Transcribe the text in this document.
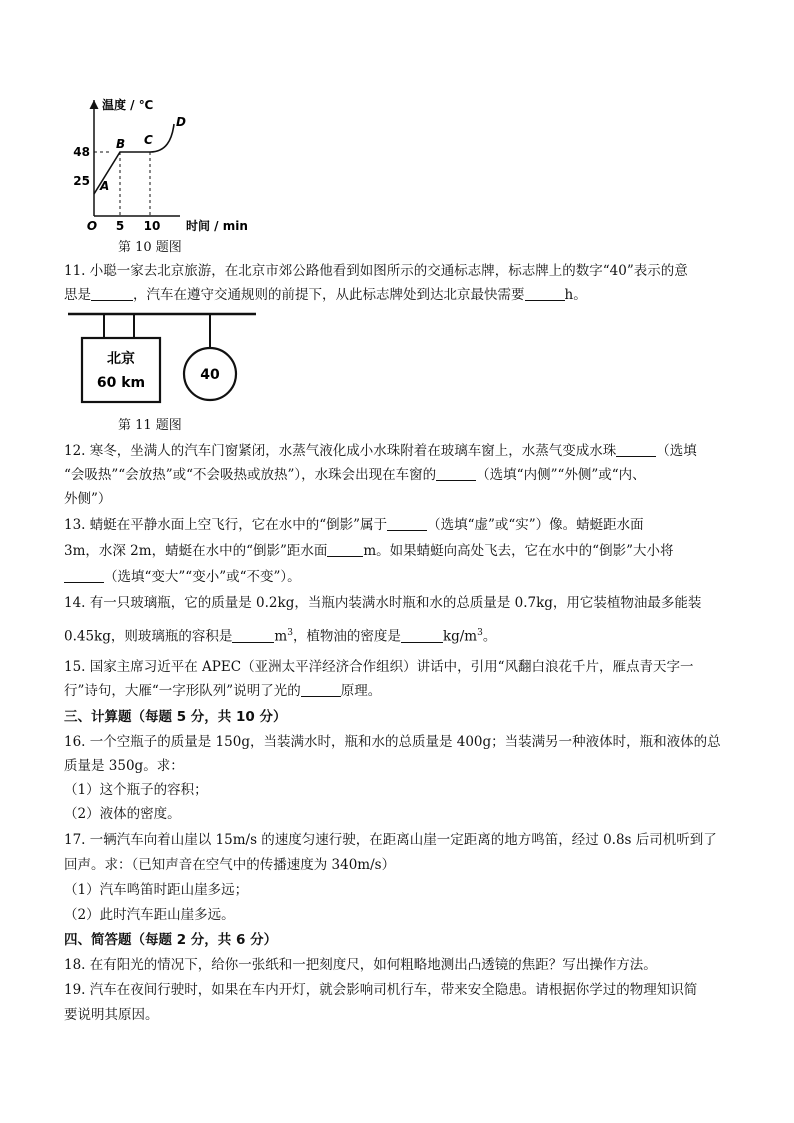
温度 / ℃
48
25
O 5 10 时间 / min
A
B C
D
第 10 题图
11. 小聪一家去北京旅游，在北京市郊公路他看到如图所示的交通标志牌，标志牌上的数字“40”表示的意
思是	，汽车在遵守交通规则的前提下，从此标志牌处到达北京最快需要	h。
北京
60 km	40
第 11 题图
12. 寒冬，坐满人的汽车门窗紧闭，水蒸气液化成小水珠附着在玻璃车窗上，水蒸气变成水珠	（选填
“会吸热”“会放热”或“不会吸热或放热”），水珠会出现在车窗的	（选填“内侧”“外侧”或“内、
外侧”）
13. 蜻蜓在平静水面上空飞行，它在水中的“倒影”属于	（选填“虚”或“实”）像。蜻蜓距水面
3m，水深 2m，蜻蜓在水中的“倒影”距水面	m。如果蜻蜓向高处飞去，它在水中的“倒影”大小将
（选填“变大”“变小”或“不变”）。
14. 有一只玻璃瓶，它的质量是 0.2kg，当瓶内装满水时瓶和水的总质量是 0.7kg，用它装植物油最多能装
0.45kg，则玻璃瓶的容积是	$m^3$，植物油的密度是	$kg/m^3$。
15. 国家主席习近平在 APEC（亚洲太平洋经济合作组织）讲话中，引用“风翻白浪花千片，雁点青天字一
行”诗句，大雁“一字形队列”说明了光的	原理。
三、计算题（每题 5 分，共 10 分）
16. 一个空瓶子的质量是 150g，当装满水时，瓶和水的总质量是 400g；当装满另一种液体时，瓶和液体的总
质量是 350g。求：
（1）这个瓶子的容积；
（2）液体的密度。
17. 一辆汽车向着山崖以 15m/s 的速度匀速行驶，在距离山崖一定距离的地方鸣笛，经过 0.8s 后司机听到了
回声。求：（已知声音在空气中的传播速度为 340m/s）
（1）汽车鸣笛时距山崖多远；
（2）此时汽车距山崖多远。
四、简答题（每题 2 分，共 6 分）
18. 在有阳光的情况下，给你一张纸和一把刻度尺，如何粗略地测出凸透镜的焦距？写出操作方法。
19. 汽车在夜间行驶时，如果在车内开灯，就会影响司机行车，带来安全隐患。请根据你学过的物理知识简
要说明其原因。
